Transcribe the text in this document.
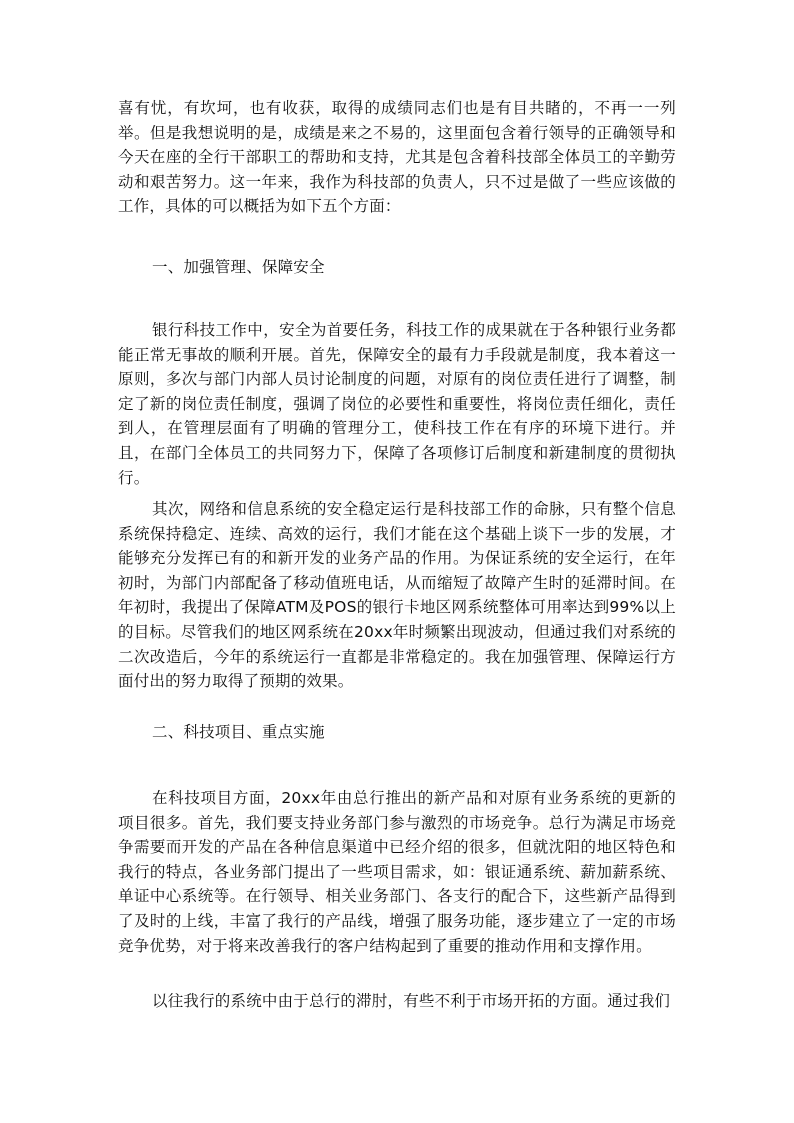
喜有忧，有坎坷，也有收获，取得的成绩同志们也是有目共睹的，不再一一列举。但是我想说明的是，成绩是来之不易的，这里面包含着行领导的正确领导和今天在座的全行干部职工的帮助和支持，尤其是包含着科技部全体员工的辛勤劳动和艰苦努力。这一年来，我作为科技部的负责人，只不过是做了一些应该做的工作，具体的可以概括为如下五个方面：

一、加强管理、保障安全

银行科技工作中，安全为首要任务，科技工作的成果就在于各种银行业务都能正常无事故的顺利开展。首先，保障安全的最有力手段就是制度，我本着这一原则，多次与部门内部人员讨论制度的问题，对原有的岗位责任进行了调整，制定了新的岗位责任制度，强调了岗位的必要性和重要性，将岗位责任细化，责任到人，在管理层面有了明确的管理分工，使科技工作在有序的环境下进行。并且，在部门全体员工的共同努力下，保障了各项修订后制度和新建制度的贯彻执行。

其次，网络和信息系统的安全稳定运行是科技部工作的命脉，只有整个信息系统保持稳定、连续、高效的运行，我们才能在这个基础上谈下一步的发展，才能够充分发挥已有的和新开发的业务产品的作用。为保证系统的安全运行，在年初时，为部门内部配备了移动值班电话，从而缩短了故障产生时的延滞时间。在年初时，我提出了保障ATM及POS的银行卡地区网系统整体可用率达到99%以上的目标。尽管我们的地区网系统在20xx年时频繁出现波动，但通过我们对系统的二次改造后，今年的系统运行一直都是非常稳定的。我在加强管理、保障运行方面付出的努力取得了预期的效果。

二、科技项目、重点实施

在科技项目方面，20xx年由总行推出的新产品和对原有业务系统的更新的项目很多。首先，我们要支持业务部门参与激烈的市场竞争。总行为满足市场竞争需要而开发的产品在各种信息渠道中已经介绍的很多，但就沈阳的地区特色和我行的特点，各业务部门提出了一些项目需求，如：银证通系统、薪加薪系统、单证中心系统等。在行领导、相关业务部门、各支行的配合下，这些新产品得到了及时的上线，丰富了我行的产品线，增强了服务功能，逐步建立了一定的市场竞争优势，对于将来改善我行的客户结构起到了重要的推动作用和支撑作用。

以往我行的系统中由于总行的滞肘，有些不利于市场开拓的方面。通过我们
